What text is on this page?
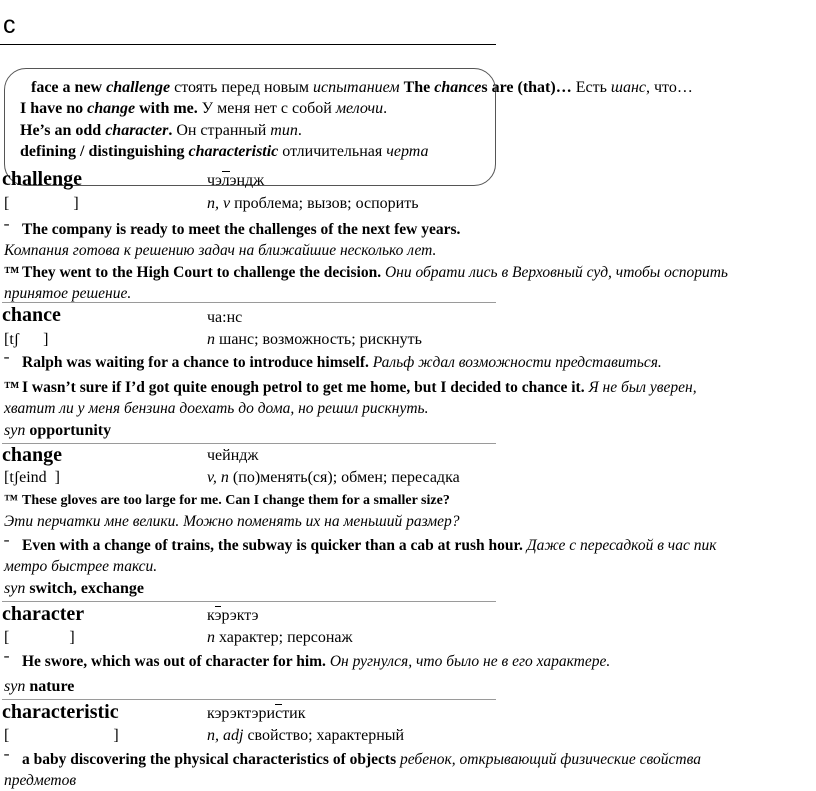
с
face a new challenge стоять перед новым испытанием The chances are (that)… Есть шанс, что…
I have no change with me. У меня нет с собой мелочи.
He’s an odd character. Он странный тип.
defining / distinguishing characteristic отличительная черта
challenge	чэлэндж
[                ]	n, v проблема; вызов; оспорить
ˉ The company is ready to meet the challenges of the next few years.
Компания готова к решению задач на ближайшие несколько лет.
™ They went to the High Court to challenge the decision. Они обрати лись в Верховный суд, чтобы оспорить
принятое решение.
chance	ча:нс
[tʃ      ]	n шанс; возможность; рискнуть
ˉ Ralph was waiting for a chance to introduce himself. Ральф ждал возможности представиться.
™ I wasn’t sure if I’d got quite enough petrol to get me home, but I decided to chance it. Я не был уверен,
хватит ли у меня бензина доехать до дома, но решил рискнуть.
syn opportunity
change	чейндж
[tʃeind  ]	v, n (по)менять(ся); обмен; пересадка
™ These gloves are too large for me. Can I change them for a smaller size?
Эти перчатки мне велики. Можно поменять их на меньший размер?
ˉ Even with a change of trains, the subway is quicker than a cab at rush hour. Даже с пересадкой в час пик
метро быстрее такси.
syn switch, exchange
character	кэрэктэ
[               ]	n характер; персонаж
ˉ He swore, which was out of character for him. Он ругнулся, что было не в его характере.
syn nature
characteristic	кэрэктэристик
[                          ]	n, adj свойство; характерный
ˉ a baby discovering the physical characteristics of objects ребенок, открывающий физические свойства
предметов
